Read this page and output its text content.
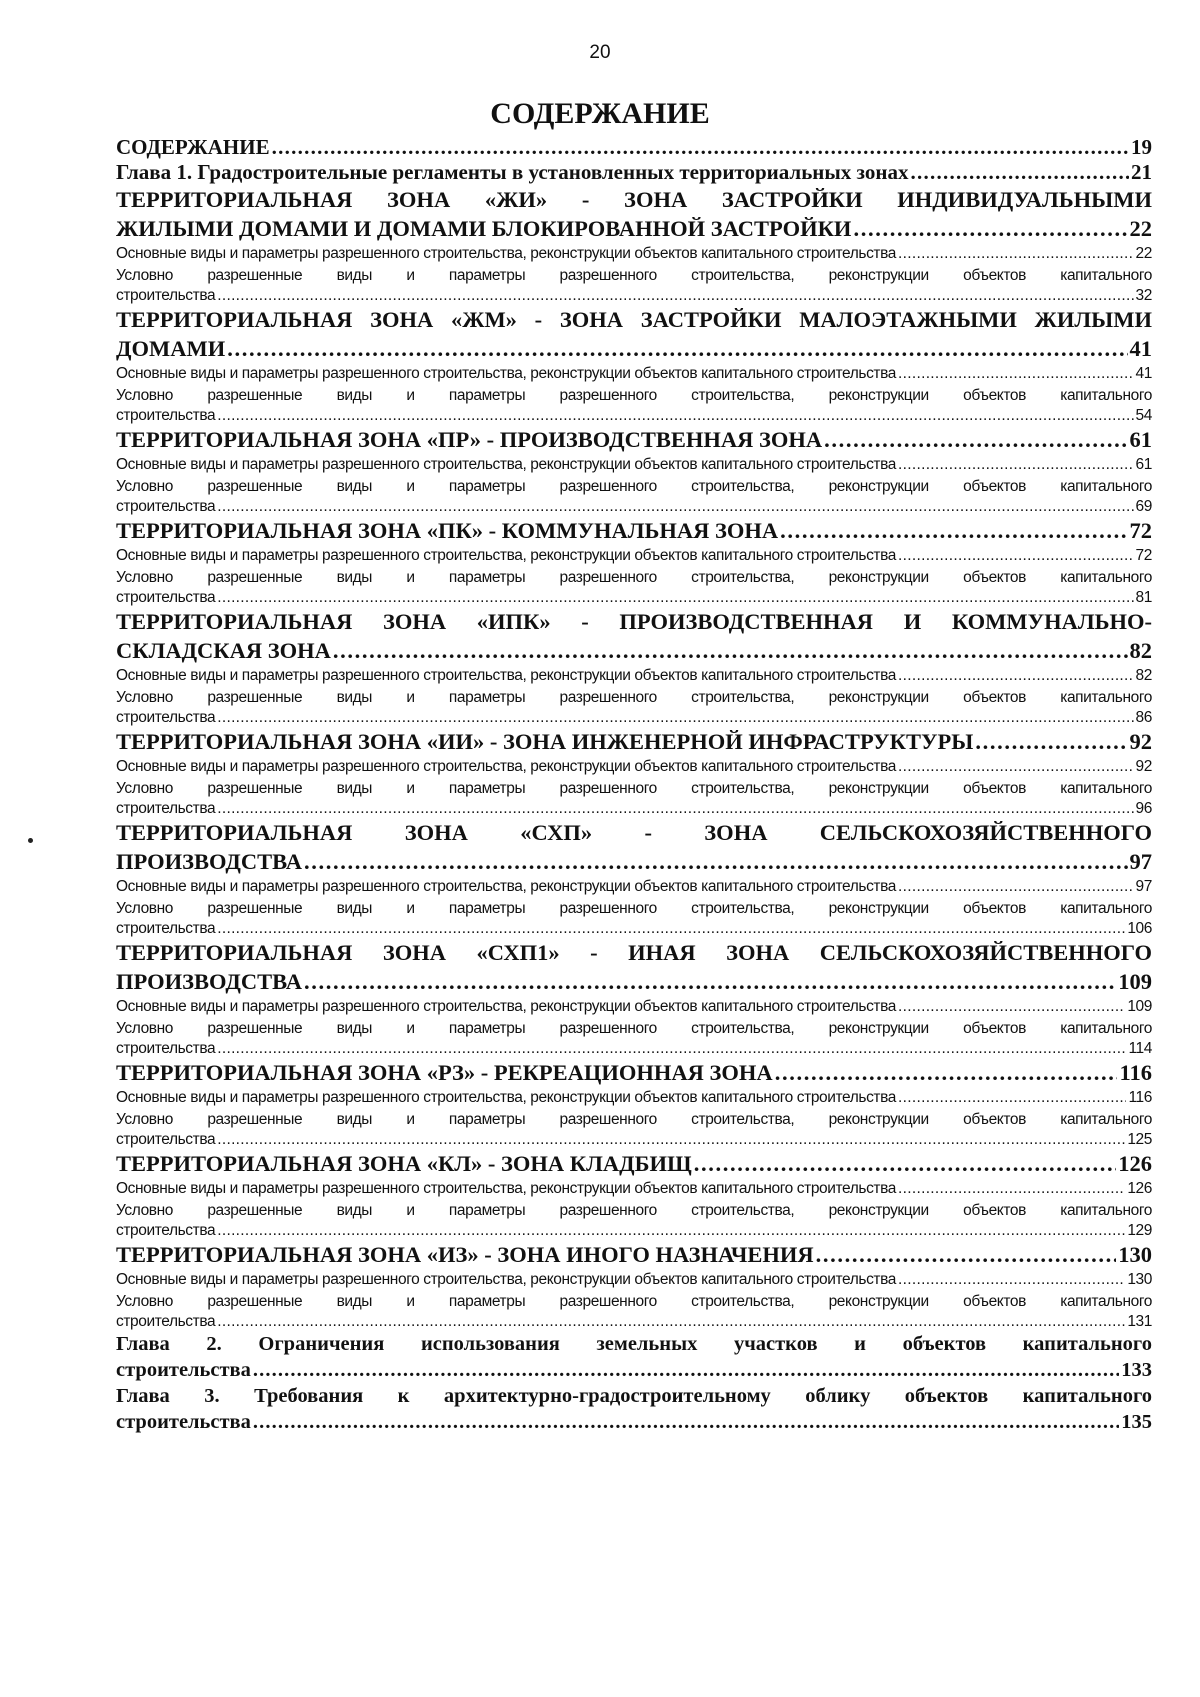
20
СОДЕРЖАНИЕ
СОДЕРЖАНИЕ . . .	19
Глава 1. Градостроительные регламенты в установленных территориальных зонах . . .	21
ТЕРРИТОРИАЛЬНАЯ ЗОНА «ЖИ» - ЗОНА ЗАСТРОЙКИ ИНДИВИДУАЛЬНЫМИ
ЖИЛЫМИ ДОМАМИ И ДОМАМИ БЛОКИРОВАННОЙ ЗАСТРОЙКИ . . .	22
Основные виды и параметры разрешенного строительства, реконструкции объектов капитального строительства . . .	22
Условно разрешенные виды и параметры разрешенного строительства, реконструкции объектов капитального
строительства . . .	32
ТЕРРИТОРИАЛЬНАЯ ЗОНА «ЖМ» - ЗОНА ЗАСТРОЙКИ МАЛОЭТАЖНЫМИ ЖИЛЫМИ
ДОМАМИ . . .	41
Основные виды и параметры разрешенного строительства, реконструкции объектов капитального строительства . . .	41
Условно разрешенные виды и параметры разрешенного строительства, реконструкции объектов капитального
строительства . . .	54
ТЕРРИТОРИАЛЬНАЯ ЗОНА «ПР» - ПРОИЗВОДСТВЕННАЯ ЗОНА . . .	61
Основные виды и параметры разрешенного строительства, реконструкции объектов капитального строительства . . .	61
Условно разрешенные виды и параметры разрешенного строительства, реконструкции объектов капитального
строительства . . .	69
ТЕРРИТОРИАЛЬНАЯ ЗОНА «ПК» - КОММУНАЛЬНАЯ ЗОНА . . .	72
Основные виды и параметры разрешенного строительства, реконструкции объектов капитального строительства . . .	72
Условно разрешенные виды и параметры разрешенного строительства, реконструкции объектов капитального
строительства . . .	81
ТЕРРИТОРИАЛЬНАЯ ЗОНА «ИПК» - ПРОИЗВОДСТВЕННАЯ И КОММУНАЛЬНО-
СКЛАДСКАЯ ЗОНА . . .	82
Основные виды и параметры разрешенного строительства, реконструкции объектов капитального строительства . . .	82
Условно разрешенные виды и параметры разрешенного строительства, реконструкции объектов капитального
строительства . . .	86
ТЕРРИТОРИАЛЬНАЯ ЗОНА «ИИ» - ЗОНА ИНЖЕНЕРНОЙ ИНФРАСТРУКТУРЫ . . .	92
Основные виды и параметры разрешенного строительства, реконструкции объектов капитального строительства . . .	92
Условно разрешенные виды и параметры разрешенного строительства, реконструкции объектов капитального
строительства . . .	96
ТЕРРИТОРИАЛЬНАЯ ЗОНА «СХП» - ЗОНА СЕЛЬСКОХОЗЯЙСТВЕННОГО
ПРОИЗВОДСТВА . . .	97
Основные виды и параметры разрешенного строительства, реконструкции объектов капитального строительства . . .	97
Условно разрешенные виды и параметры разрешенного строительства, реконструкции объектов капитального
строительства . . .	106
ТЕРРИТОРИАЛЬНАЯ ЗОНА «СХП1» - ИНАЯ ЗОНА СЕЛЬСКОХОЗЯЙСТВЕННОГО
ПРОИЗВОДСТВА . . .	109
Основные виды и параметры разрешенного строительства, реконструкции объектов капитального строительства . . .	109
Условно разрешенные виды и параметры разрешенного строительства, реконструкции объектов капитального
строительства . . .	114
ТЕРРИТОРИАЛЬНАЯ ЗОНА «РЗ» - РЕКРЕАЦИОННАЯ ЗОНА . . .	116
Основные виды и параметры разрешенного строительства, реконструкции объектов капитального строительства . . .	116
Условно разрешенные виды и параметры разрешенного строительства, реконструкции объектов капитального
строительства . . .	125
ТЕРРИТОРИАЛЬНАЯ ЗОНА «КЛ» - ЗОНА КЛАДБИЩ . . .	126
Основные виды и параметры разрешенного строительства, реконструкции объектов капитального строительства . . .	126
Условно разрешенные виды и параметры разрешенного строительства, реконструкции объектов капитального
строительства . . .	129
ТЕРРИТОРИАЛЬНАЯ ЗОНА «ИЗ» - ЗОНА ИНОГО НАЗНАЧЕНИЯ . . .	130
Основные виды и параметры разрешенного строительства, реконструкции объектов капитального строительства . . .	130
Условно разрешенные виды и параметры разрешенного строительства, реконструкции объектов капитального
строительства . . .	131
Глава 2. Ограничения использования земельных участков и объектов капитального
строительства . . .	133
Глава 3. Требования к архитектурно-градостроительному облику объектов капитального
строительства . . .	135
